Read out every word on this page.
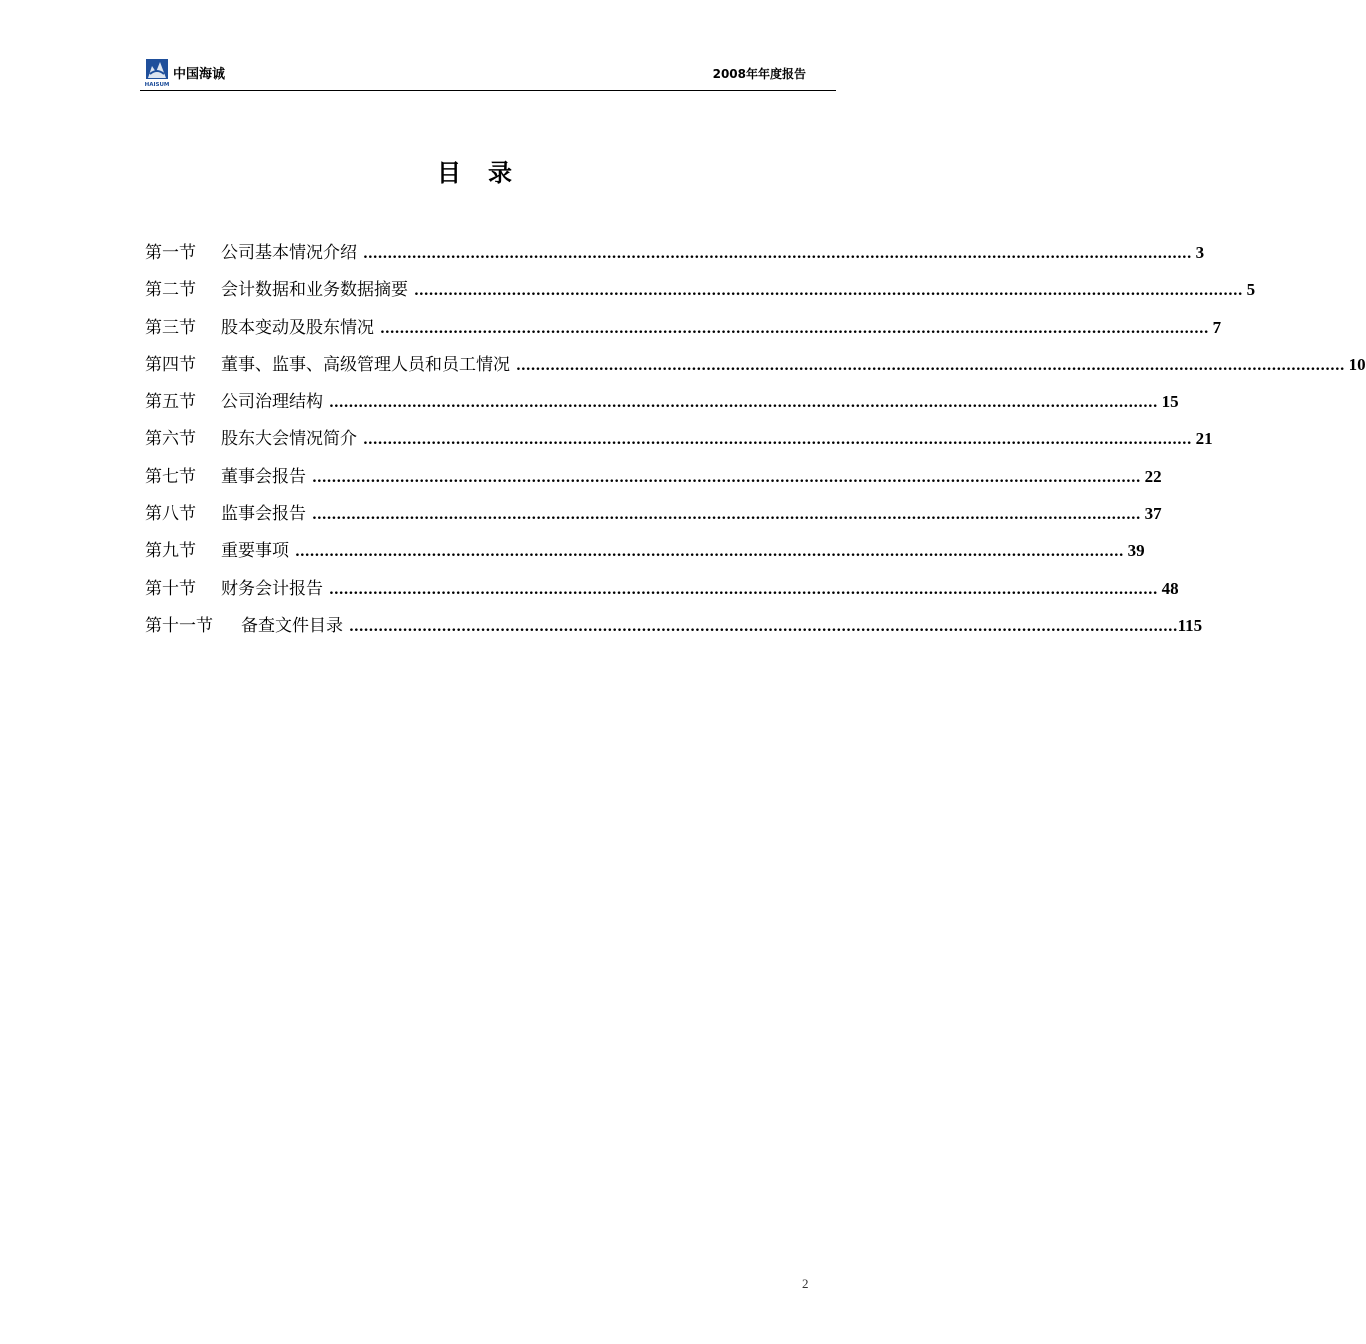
HAISUM
中国海诚	2008年年度报告
目 录
第一节	公司基本情况介绍 .......................................................................................................................................................................... 3
第二节	会计数据和业务数据摘要 .......................................................................................................................................................................... 5
第三节	股本变动及股东情况 .......................................................................................................................................................................... 7
第四节	董事、监事、高级管理人员和员工情况 .......................................................................................................................................................................... 10
第五节	公司治理结构 .......................................................................................................................................................................... 15
第六节	股东大会情况简介 .......................................................................................................................................................................... 21
第七节	董事会报告 .......................................................................................................................................................................... 22
第八节	监事会报告 .......................................................................................................................................................................... 37
第九节	重要事项 .......................................................................................................................................................................... 39
第十节	财务会计报告 .......................................................................................................................................................................... 48
第十一节	备查文件目录 .......................................................................................................................................................................... 115
2
